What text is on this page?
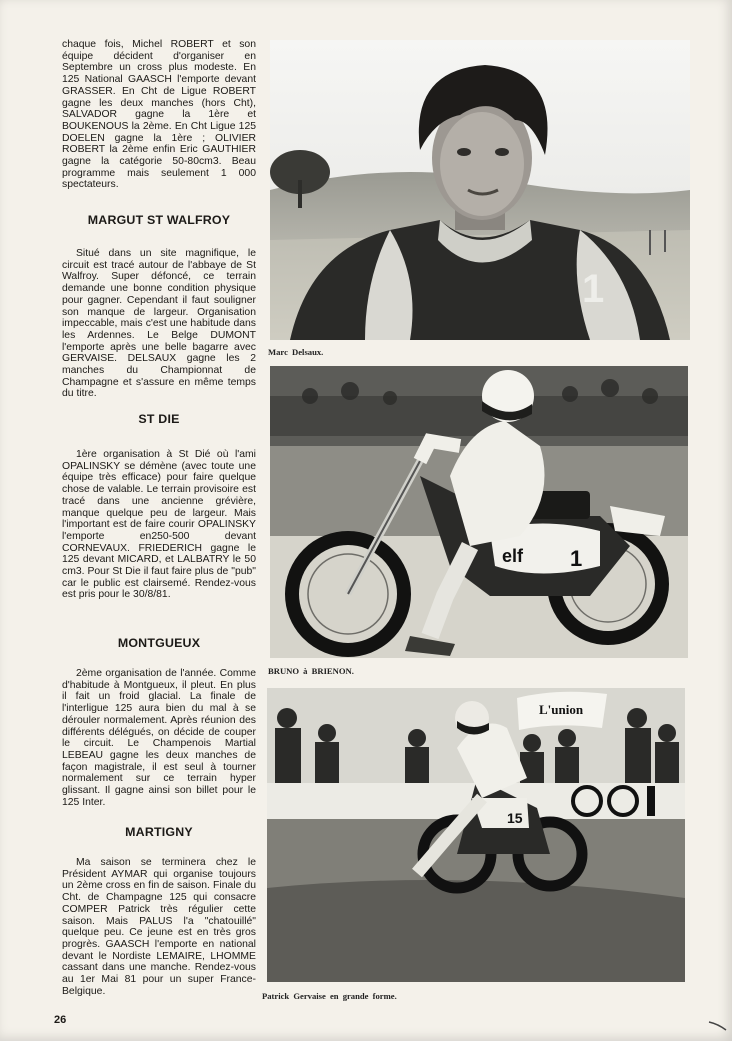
chaque fois, Michel ROBERT et son équipe décident d'organiser en Septembre un cross plus modeste. En 125 National GAASCH l'emporte devant GRASSER. En Cht de Ligue ROBERT gagne les deux manches (hors Cht), SALVADOR gagne la 1ère et BOUKENOUS la 2ème. En Cht Ligue 125 DOELEN gagne la 1ère ; OLIVIER ROBERT la 2ème enfin Eric GAUTHIER gagne la catégorie 50-80cm3. Beau programme mais seulement 1 000 spectateurs.

MARGUT ST WALFROY

Situé dans un site magnifique, le circuit est tracé autour de l'abbaye de St Walfroy. Super défoncé, ce terrain demande une bonne condition physique pour gagner. Cependant il faut souligner son manque de largeur. Organisation impeccable, mais c'est une habitude dans les Ardennes. Le Belge DUMONT l'emporte après une belle bagarre avec GERVAISE. DELSAUX gagne les 2 manches du Championnat de Champagne et s'assure en même temps du titre.

ST DIE

1ère organisation à St Dié où l'ami OPALINSKY se démène (avec toute une équipe très efficace) pour faire quelque chose de valable. Le terrain provisoire est tracé dans une ancienne grévière, manque quelque peu de largeur. Mais l'important est de faire courir OPALINSKY l'emporte en250-500 devant CORNEVAUX. FRIEDERICH gagne le 125 devant MICARD, et LALBATRY le 50 cm3. Pour St Die il faut faire plus de "pub" car le public est clairsemé. Rendez-vous est pris pour le 30/8/81.

MONTGUEUX

2ème organisation de l'année. Comme d'habitude à Montgueux, il pleut. En plus il fait un froid glacial. La finale de l'interligue 125 aura bien du mal à se dérouler normalement. Après réunion des différents délégués, on décide de couper le circuit. Le Champenois Martial LEBEAU gagne les deux manches de façon magistrale, il est seul à tourner normalement sur ce terrain hyper glissant. Il gagne ainsi son billet pour le 125 Inter.

MARTIGNY

Ma saison se terminera chez le Président AYMAR qui organise toujours un 2ème cross en fin de saison. Finale du Cht. de Champagne 125 qui consacre COMPER Patrick très régulier cette saison. Mais PALUS l'a "chatouillé" quelque peu. Ce jeune est en très gros progrès. GAASCH l'emporte en national devant le Nordiste LEMAIRE, LHOMME cassant dans une manche. Rendez-vous au 1er Mai 81 pour un super France-Belgique.

1
Marc Delsaux.
elf 1
BRUNO à BRIENON.
L'union
15
Patrick Gervaise en grande forme.
26
